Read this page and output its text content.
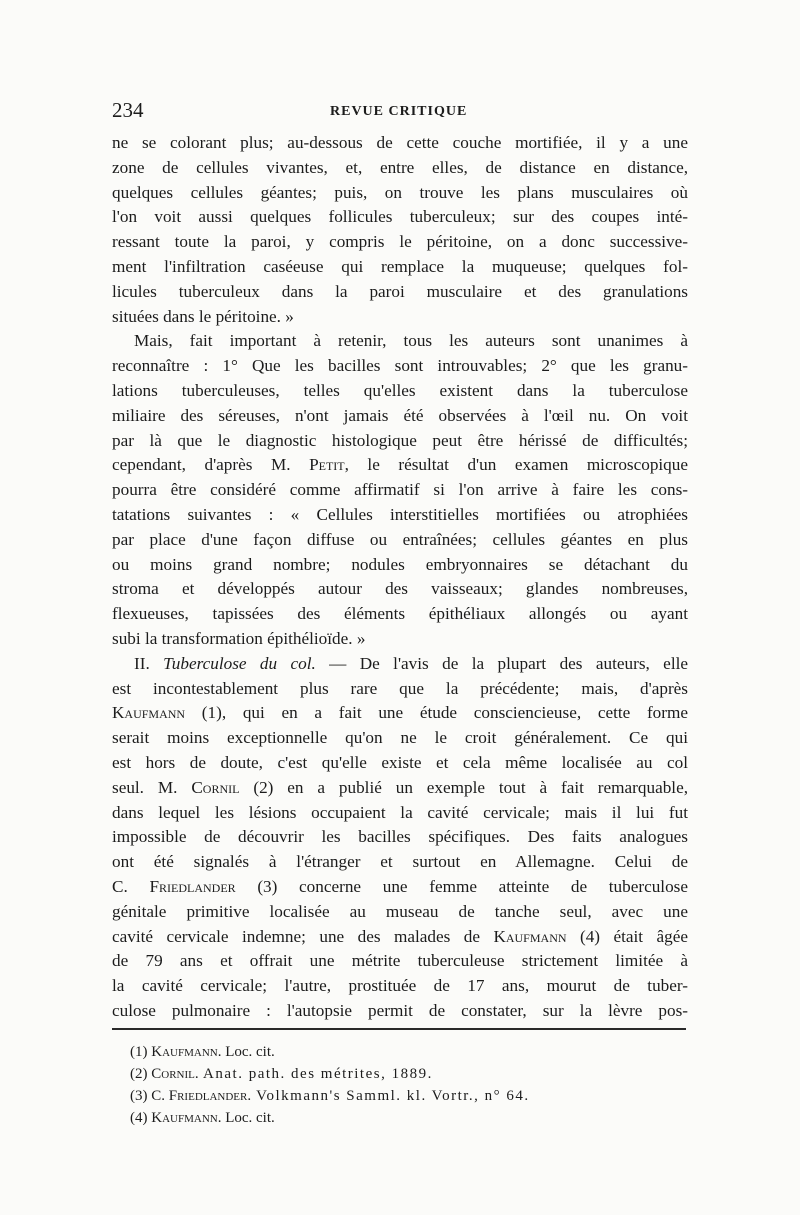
234	REVUE CRITIQUE
ne se colorant plus; au-dessous de cette couche mortifiée, il y a une
zone de cellules vivantes, et, entre elles, de distance en distance,
quelques cellules géantes; puis, on trouve les plans musculaires où
l'on voit aussi quelques follicules tuberculeux; sur des coupes inté-
ressant toute la paroi, y compris le péritoine, on a donc successive-
ment l'infiltration caséeuse qui remplace la muqueuse; quelques fol-
licules tuberculeux dans la paroi musculaire et des granulations
situées dans le péritoine. »
Mais, fait important à retenir, tous les auteurs sont unanimes à
reconnaître : 1° Que les bacilles sont introuvables; 2° que les granu-
lations tuberculeuses, telles qu'elles existent dans la tuberculose
miliaire des séreuses, n'ont jamais été observées à l'œil nu. On voit
par là que le diagnostic histologique peut être hérissé de difficultés;
cependant, d'après M. Petit, le résultat d'un examen microscopique
pourra être considéré comme affirmatif si l'on arrive à faire les cons-
tatations suivantes : « Cellules interstitielles mortifiées ou atrophiées
par place d'une façon diffuse ou entraînées; cellules géantes en plus
ou moins grand nombre; nodules embryonnaires se détachant du
stroma et développés autour des vaisseaux; glandes nombreuses,
flexueuses, tapissées des éléments épithéliaux allongés ou ayant
subi la transformation épithélioïde. »
II. Tuberculose du col. — De l'avis de la plupart des auteurs, elle
est incontestablement plus rare que la précédente; mais, d'après
Kaufmann (1), qui en a fait une étude consciencieuse, cette forme
serait moins exceptionnelle qu'on ne le croit généralement. Ce qui
est hors de doute, c'est qu'elle existe et cela même localisée au col
seul. M. Cornil (2) en a publié un exemple tout à fait remarquable,
dans lequel les lésions occupaient la cavité cervicale; mais il lui fut
impossible de découvrir les bacilles spécifiques. Des faits analogues
ont été signalés à l'étranger et surtout en Allemagne. Celui de
C. Friedlander (3) concerne une femme atteinte de tuberculose
génitale primitive localisée au museau de tanche seul, avec une
cavité cervicale indemne; une des malades de Kaufmann (4) était âgée
de 79 ans et offrait une métrite tuberculeuse strictement limitée à
la cavité cervicale; l'autre, prostituée de 17 ans, mourut de tuber-
culose pulmonaire : l'autopsie permit de constater, sur la lèvre pos-
(1) Kaufmann. Loc. cit.
(2) Cornil. Anat. path. des métrites, 1889.
(3) C. Friedlander. Volkmann's Samml. kl. Vortr., n° 64.
(4) Kaufmann. Loc. cit.
